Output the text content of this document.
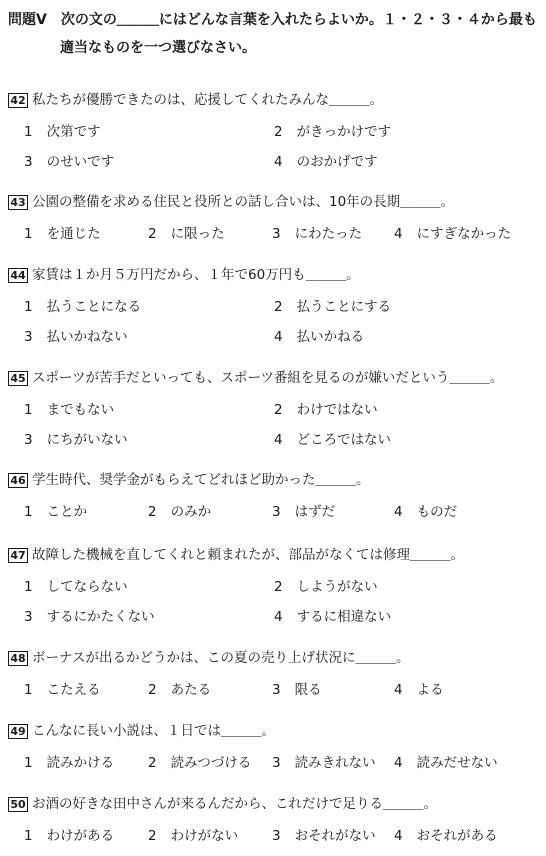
問題Ⅴ　次の文の＿＿＿にはどんな言葉を入れたらよいか。１・２・３・４から最も
適当なものを一つ選びなさい。
42 私たちが優勝できたのは、応援してくれたみんな＿＿＿。
1 次第です	2 がきっかけです
3 のせいです	4 のおかげです
43 公園の整備を求める住民と役所との話し合いは、10年の長期＿＿＿。
1 を通じた	2 に限った	3 にわたった 4 にすぎなかった
44 家賃は１か月５万円だから、１年で60万円も＿＿＿。
1 払うことになる	2 払うことにする
3 払いかねない	4 払いかねる
45 スポーツが苦手だといっても、スポーツ番組を見るのが嫌いだという＿＿＿。
1 までもない	2 わけではない
3 にちがいない	4 どころではない
46 学生時代、奨学金がもらえてどれほど助かった＿＿＿。
1 ことか	2 のみか	3 はずだ	4 ものだ
47 故障した機械を直してくれと頼まれたが、部品がなくては修理＿＿＿。
1 してならない	2 しようがない
3 するにかたくない	4 するに相違ない
48 ボーナスが出るかどうかは、この夏の売り上げ状況に＿＿＿。
1 こたえる	2 あたる	3 限る	4 よる
49 こんなに長い小説は、１日では＿＿＿。
1 読みかける	2 読みつづける 3 読みきれない 4 読みだせない
50 お酒の好きな田中さんが来るんだから、これだけで足りる＿＿＿。
1 わけがある	2 わけがない	3 おそれがない 4 おそれがある
